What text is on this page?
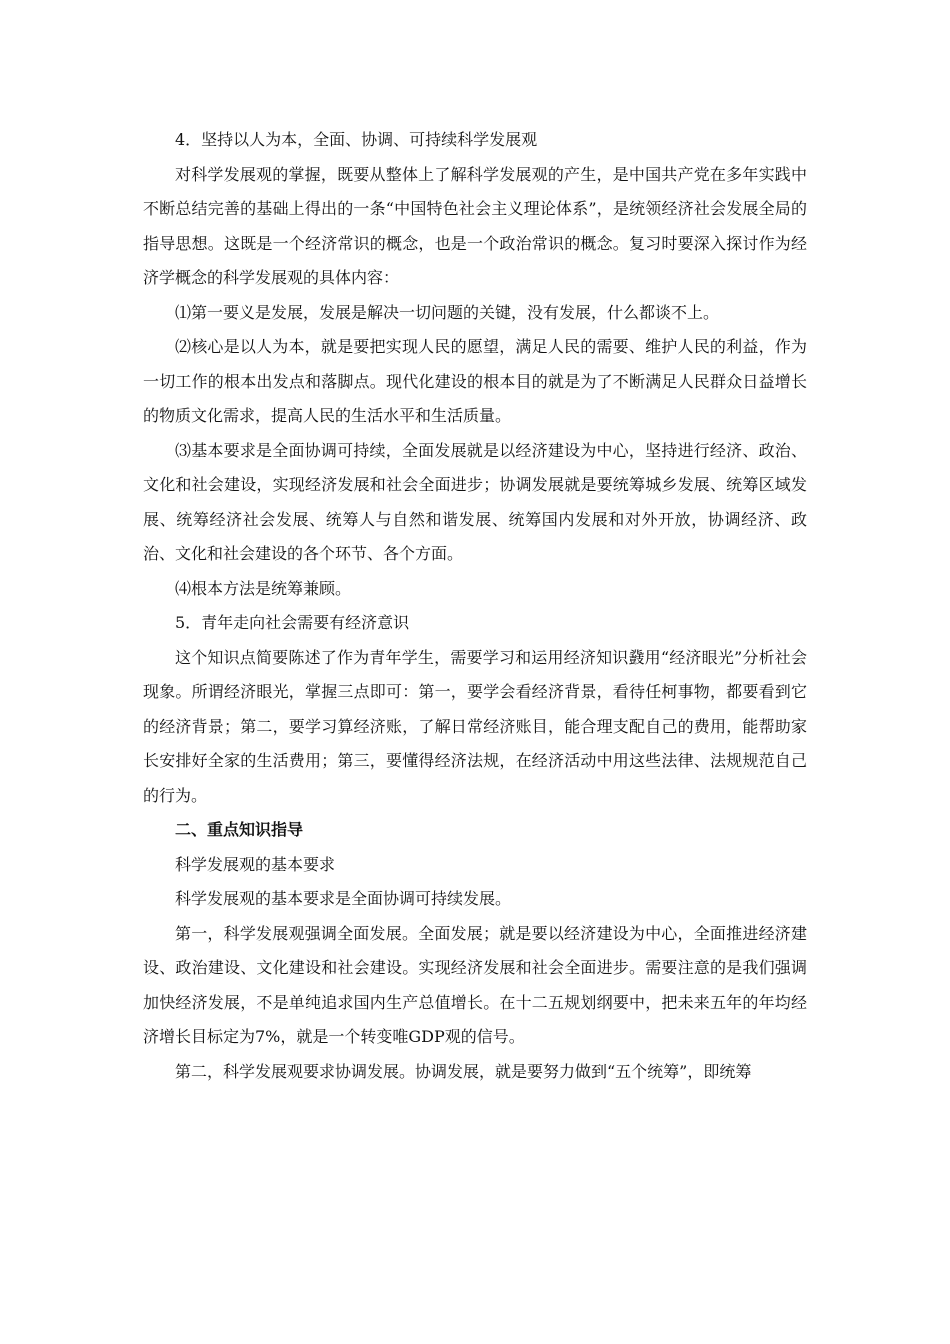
4．坚持以人为本，全面、协调、可持续科学发展观

对科学发展观的掌握，既要从整体上了解科学发展观的产生，是中国共产党在多年实践中不断总结完善的基础上得出的一条“中国特色社会主义理论体系”，是统领经济社会发展全局的指导思想。这既是一个经济常识的概念，也是一个政治常识的概念。复习时要深入探讨作为经济学概念的科学发展观的具体内容：

⑴第一要义是发展，发展是解决一切问题的关键，没有发展，什么都谈不上。

⑵核心是以人为本，就是要把实现人民的愿望，满足人民的需要、维护人民的利益，作为一切工作的根本出发点和落脚点。现代化建设的根本目的就是为了不断满足人民群众日益增长的物质文化需求，提高人民的生活水平和生活质量。

⑶基本要求是全面协调可持续，全面发展就是以经济建设为中心，坚持进行经济、政治、文化和社会建设，实现经济发展和社会全面进步；协调发展就是要统筹城乡发展、统筹区域发展、统筹经济社会发展、统筹人与自然和谐发展、统筹国内发展和对外开放，协调经济、政治、文化和社会建设的各个环节、各个方面。

⑷根本方法是统筹兼顾。

5．青年走向社会需要有经济意识

这个知识点简要陈述了作为青年学生，需要学习和运用经济知识鼗用“经济眼光”分析社会现象。所谓经济眼光，掌握三点即可：第一，要学会看经济背景，看待任柯事物，都要看到它的经济背景；第二，要学习算经济账，了解日常经济账目，能合理支配自己的费用，能帮助家长安排好全家的生活费用；第三，要懂得经济法规，在经济活动中用这些法律、法规规范自己的行为。

二、重点知识指导

科学发展观的基本要求

科学发展观的基本要求是全面协调可持续发展。

第一，科学发展观强调全面发展。全面发展；就是要以经济建设为中心，全面推进经济建设、政治建设、文化建设和社会建设。实现经济发展和社会全面进步。需要注意的是我们强调加快经济发展，不是单纯追求国内生产总值增长。在十二五规划纲要中，把未来五年的年均经济增长目标定为7%，就是一个转变唯GDP观的信号。

第二，科学发展观要求协调发展。协调发展，就是要努力做到“五个统筹”，即统筹
